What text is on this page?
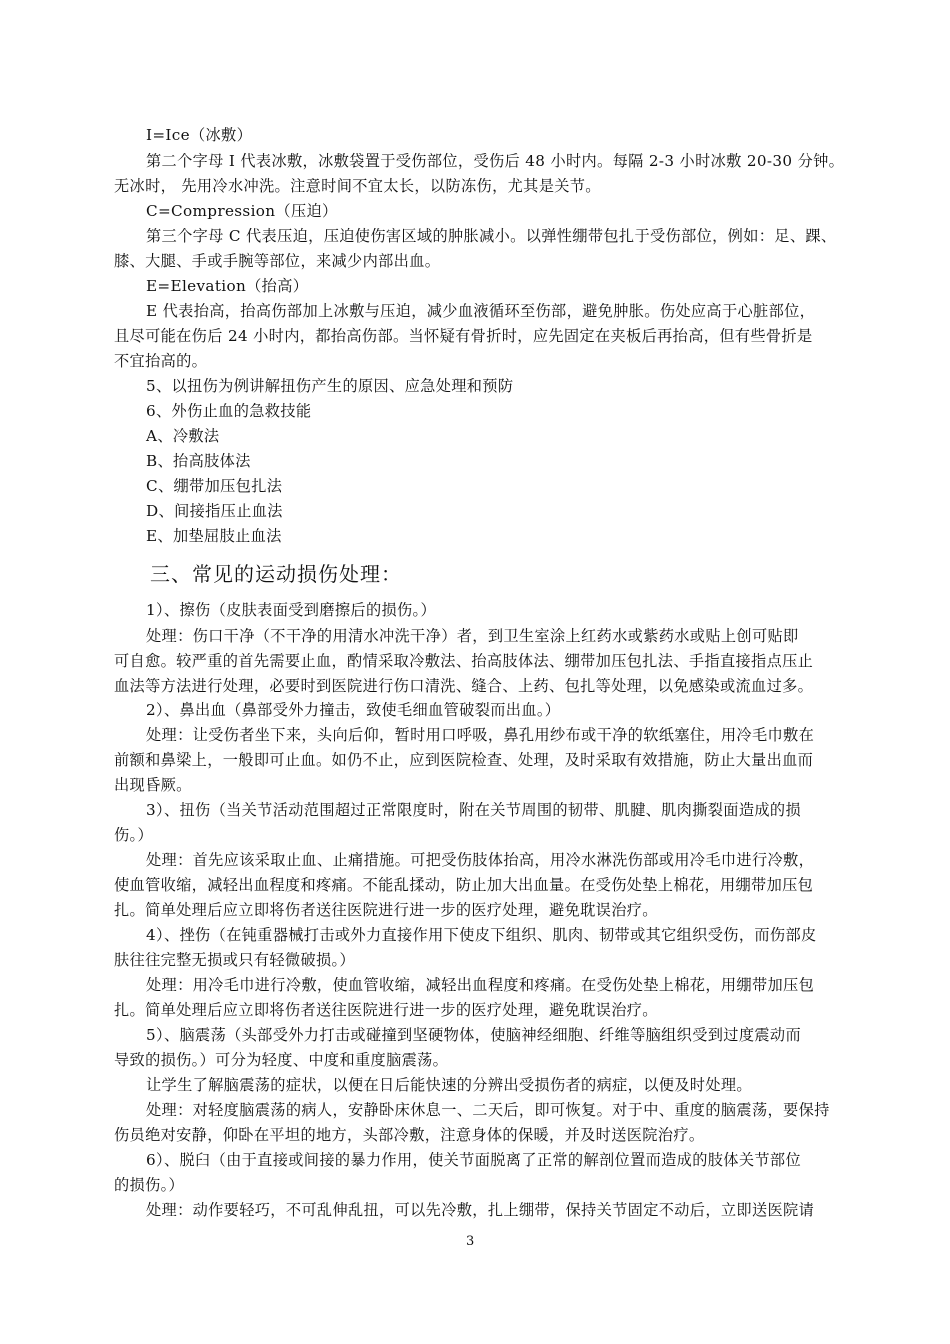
I=Ice（冰敷）
第二个字母 I 代表冰敷，冰敷袋置于受伤部位，受伤后 48 小时内。每隔 2-3 小时冰敷 20-30 分钟。
无冰时， 先用冷水冲洗。注意时间不宜太长，以防冻伤，尤其是关节。
C=Compression（压迫）
第三个字母 C 代表压迫，压迫使伤害区域的肿胀减小。以弹性绷带包扎于受伤部位，例如：足、踝、
膝、大腿、手或手腕等部位，来减少内部出血。
E=Elevation（抬高）
E 代表抬高，抬高伤部加上冰敷与压迫，减少血液循环至伤部，避免肿胀。伤处应高于心脏部位，
且尽可能在伤后 24 小时内，都抬高伤部。当怀疑有骨折时，应先固定在夹板后再抬高，但有些骨折是
不宜抬高的。
5、以扭伤为例讲解扭伤产生的原因、应急处理和预防
6、外伤止血的急救技能
A、冷敷法
B、抬高肢体法
C、绷带加压包扎法
D、间接指压止血法
E、加垫屈肢止血法
三、常见的运动损伤处理：
1）、擦伤（皮肤表面受到磨擦后的损伤。）
处理：伤口干净（不干净的用清水冲洗干净）者，到卫生室涂上红药水或紫药水或贴上创可贴即
可自愈。较严重的首先需要止血，酌情采取冷敷法、抬高肢体法、绷带加压包扎法、手指直接指点压止
血法等方法进行处理，必要时到医院进行伤口清洗、缝合、上药、包扎等处理，以免感染或流血过多。
2）、鼻出血（鼻部受外力撞击，致使毛细血管破裂而出血。）
处理：让受伤者坐下来，头向后仰，暂时用口呼吸，鼻孔用纱布或干净的软纸塞住，用冷毛巾敷在
前额和鼻梁上，一般即可止血。如仍不止，应到医院检查、处理，及时采取有效措施，防止大量出血而
出现昏厥。
3）、扭伤（当关节活动范围超过正常限度时，附在关节周围的韧带、肌腱、肌肉撕裂面造成的损
伤。）
处理：首先应该采取止血、止痛措施。可把受伤肢体抬高，用冷水淋洗伤部或用冷毛巾进行冷敷，
使血管收缩，减轻出血程度和疼痛。不能乱揉动，防止加大出血量。在受伤处垫上棉花，用绷带加压包
扎。简单处理后应立即将伤者送往医院进行进一步的医疗处理，避免耽误治疗。
4）、挫伤（在钝重器械打击或外力直接作用下使皮下组织、肌肉、韧带或其它组织受伤，而伤部皮
肤往往完整无损或只有轻微破损。）
处理：用冷毛巾进行冷敷，使血管收缩，减轻出血程度和疼痛。在受伤处垫上棉花，用绷带加压包
扎。简单处理后应立即将伤者送往医院进行进一步的医疗处理，避免耽误治疗。
5）、脑震荡（头部受外力打击或碰撞到坚硬物体，使脑神经细胞、纤维等脑组织受到过度震动而
导致的损伤。）可分为轻度、中度和重度脑震荡。
让学生了解脑震荡的症状，以便在日后能快速的分辨出受损伤者的病症，以便及时处理。
处理：对轻度脑震荡的病人，安静卧床休息一、二天后，即可恢复。对于中、重度的脑震荡，要保持
伤员绝对安静，仰卧在平坦的地方，头部冷敷，注意身体的保暖，并及时送医院治疗。
6）、脱臼（由于直接或间接的暴力作用，使关节面脱离了正常的解剖位置而造成的肢体关节部位
的损伤。）
处理：动作要轻巧，不可乱伸乱扭，可以先冷敷，扎上绷带，保持关节固定不动后，立即送医院请
3
